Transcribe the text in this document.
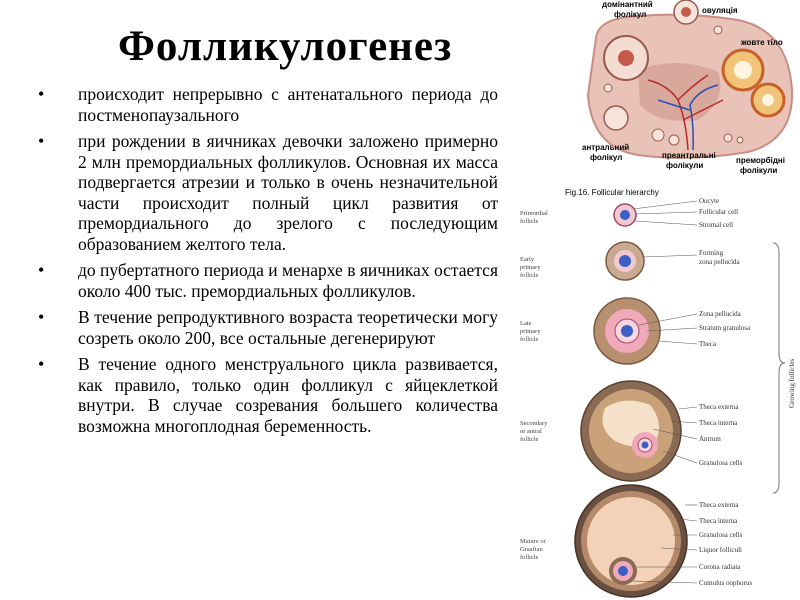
Фолликулогенез
• происходит непрерывно с антенатального периода до постменопаузального
• при рождении в яичниках девочки заложено примерно 2 млн премордиальных фолликулов. Основная их масса подвергается атрезии и только в очень незначительной части происходит полный цикл развития от премордиального до зрелого с последующим образованием желтого тела.
• до пубертатного периода и менархе в яичниках остается около 400 тыс. премордиальных фолликулов.
• В течение репродуктивного возраста теоретически могу созреть около 200, все остальные дегенерируют
• В течение одного менструального цикла развивается, как правило, только один фолликул с яйцеклеткой внутри. В случае созревания большего количества возможна многоплодная беременность.
домінантний
фолікул	овуляція
жовте тіло
антральний
фолікул	преантральні
фолікули
преморбідні
фолікули
Fig.16. Follicular hierarchy
Primordial
follicle
Oocyte
Follicular cell
Stromal cell
Early
primary
follicle
Forming
zona pellucida
Late
primary
follicle
Zona pellucida
Stratum granulosa
Theca
Secondary
or antral
follicle
Theca externa
Theca interna
Antrum
Granulosa cells
Mature or
Graafian
follicle
Theca externa
Theca interna
Granulosa cells
Liquor folliculi
Corona radiata
Cumulus oophorus
Growing follicles
